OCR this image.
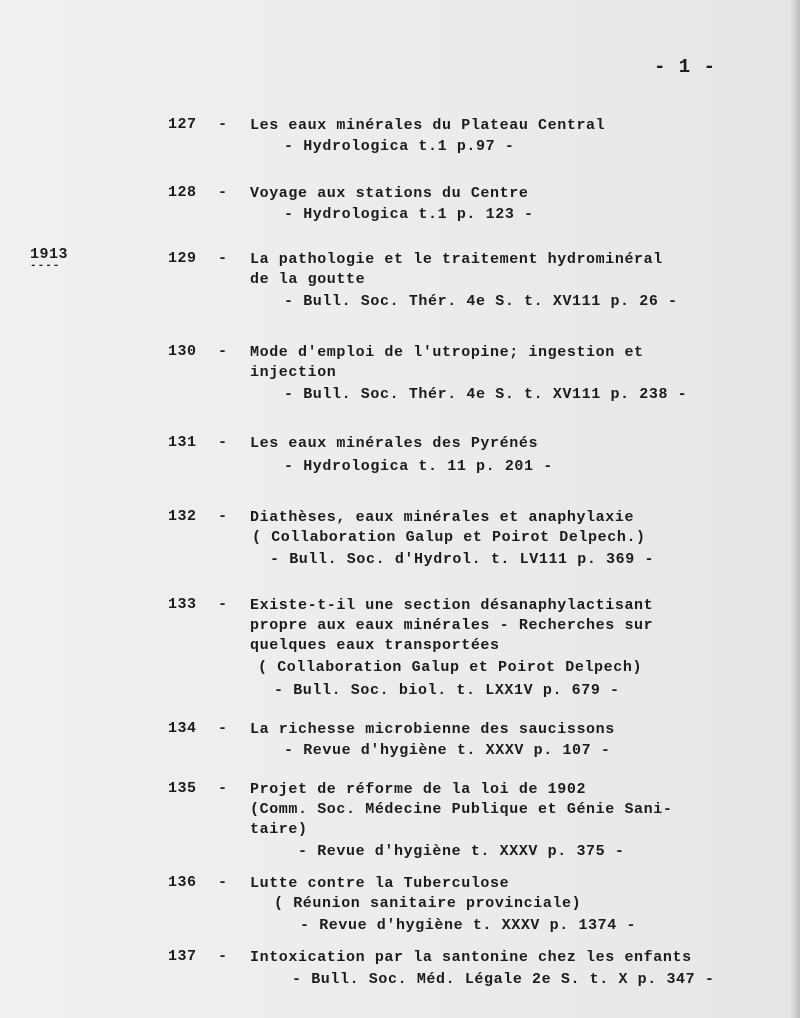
- 1 -
1913
----
127 - Les eaux minérales du Plateau Central
- Hydrologica t.1 p.97 -
128 - Voyage aux stations du Centre
- Hydrologica t.1 p. 123 -
129 - La pathologie et le traitement hydrominéral
de la goutte
- Bull. Soc. Thér. 4e S. t. XV111 p. 26 -
130 - Mode d'emploi de l'utropine; ingestion et
injection
- Bull. Soc. Thér. 4e S. t. XV111 p. 238 -
131 - Les eaux minérales des Pyrénés
- Hydrologica t. 11 p. 201 -
132 - Diathèses, eaux minérales et anaphylaxie
( Collaboration Galup et Poirot Delpech.)
- Bull. Soc. d'Hydrol. t. LV111 p. 369 -
133 - Existe-t-il une section désanaphylactisant
propre aux eaux minérales - Recherches sur
quelques eaux transportées
( Collaboration Galup et Poirot Delpech)
- Bull. Soc. biol. t. LXX1V p. 679 -
134 - La richesse microbienne des saucissons
- Revue d'hygiène t. XXXV p. 107 -
135 - Projet de réforme de la loi de 1902
(Comm. Soc. Médecine Publique et Génie Sani-
taire)
- Revue d'hygiène t. XXXV p. 375 -
136 - Lutte contre la Tuberculose
( Réunion sanitaire provinciale)
- Revue d'hygiène t. XXXV p. 1374 -
137 - Intoxication par la santonine chez les enfants
- Bull. Soc. Méd. Légale 2e S. t. X p. 347 -
